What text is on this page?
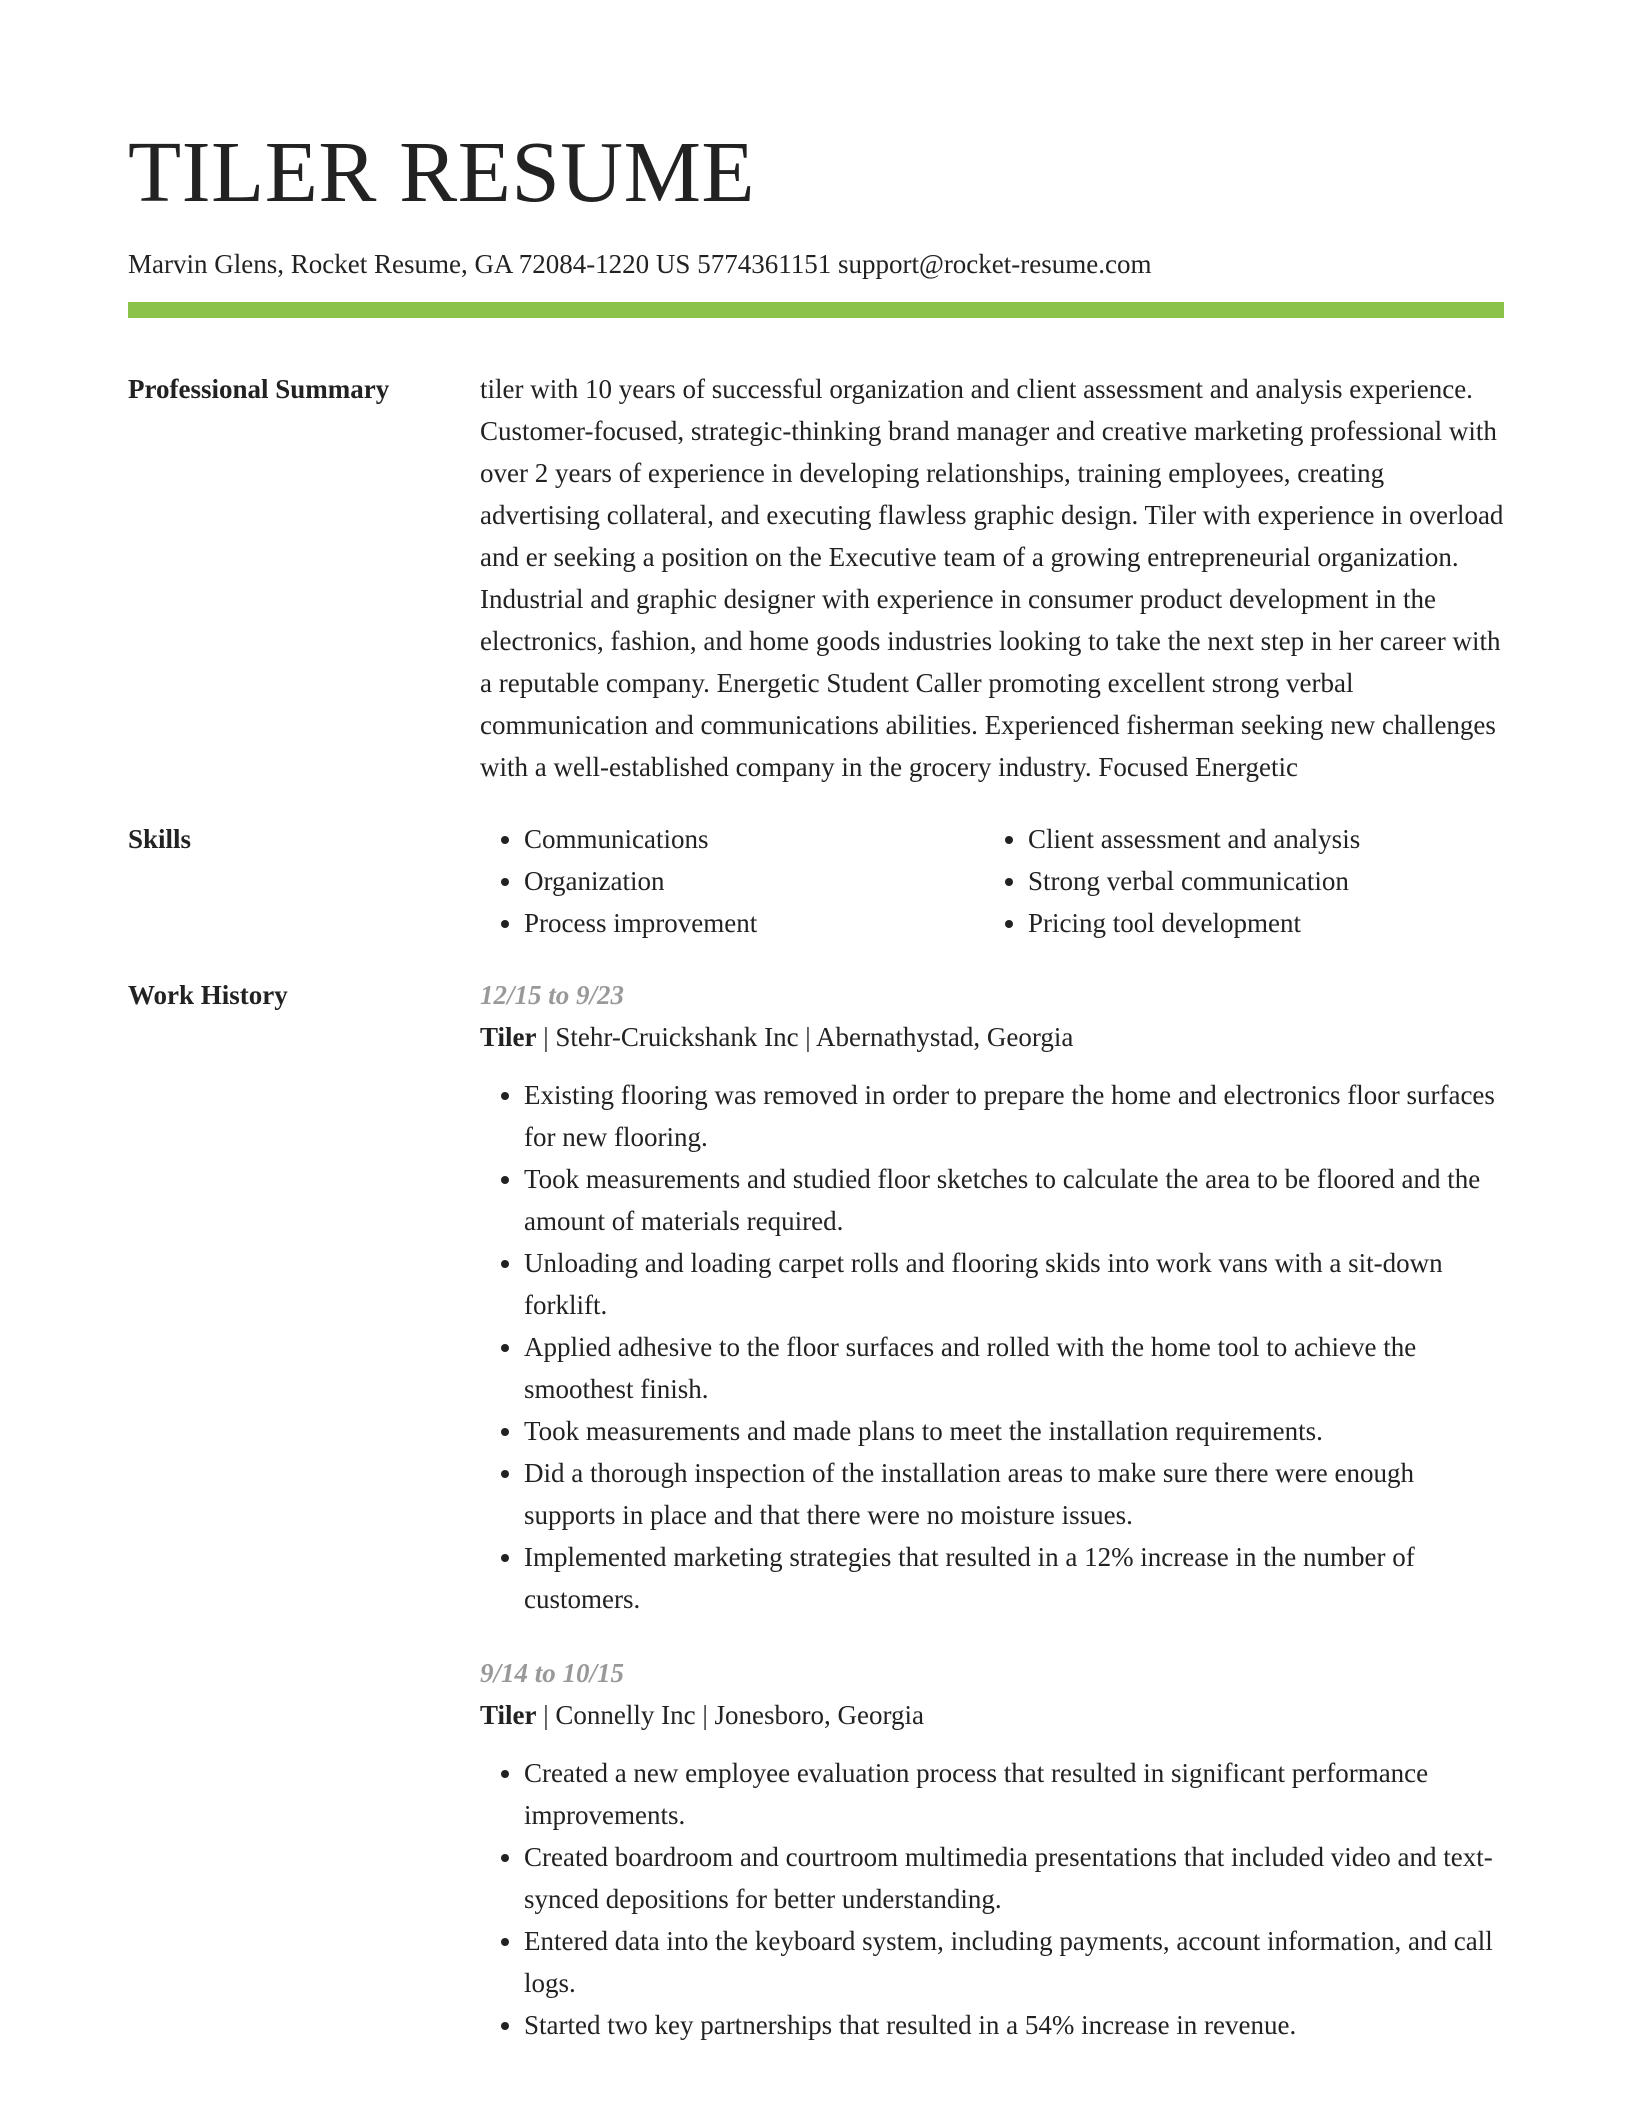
TILER RESUME
Marvin Glens, Rocket Resume, GA 72084-1220 US 5774361151 support@rocket-resume.com
Professional Summary	tiler with 10 years of successful organization and client assessment and analysis experience. Customer-focused, strategic-thinking brand manager and creative marketing professional with over 2 years of experience in developing relationships, training employees, creating advertising collateral, and executing flawless graphic design. Tiler with experience in overload and er seeking a position on the Executive team of a growing entrepreneurial organization. Industrial and graphic designer with experience in consumer product development in the electronics, fashion, and home goods industries looking to take the next step in her career with a reputable company. Energetic Student Caller promoting excellent strong verbal communication and communications abilities. Experienced fisherman seeking new challenges with a well-established company in the grocery industry. Focused Energetic

Skills
•	Communications
• Organization
• Process improvement
• Client assessment and analysis
• Strong verbal communication
• Pricing tool development
Work History	12/15 to 9/23
Tiler | Stehr-Cruickshank Inc | Abernathystad, Georgia
• Existing flooring was removed in order to prepare the home and electronics floor surfaces for new flooring.
• Took measurements and studied floor sketches to calculate the area to be floored and the amount of materials required.
• Unloading and loading carpet rolls and flooring skids into work vans with a sit-down forklift.
• Applied adhesive to the floor surfaces and rolled with the home tool to achieve the smoothest finish.
• Took measurements and made plans to meet the installation requirements.
• Did a thorough inspection of the installation areas to make sure there were enough supports in place and that there were no moisture issues.
• Implemented marketing strategies that resulted in a 12% increase in the number of customers.
9/14 to 10/15
Tiler | Connelly Inc | Jonesboro, Georgia
• Created a new employee evaluation process that resulted in significant performance improvements.
• Created boardroom and courtroom multimedia presentations that included video and text-synced depositions for better understanding.
• Entered data into the keyboard system, including payments, account information, and call logs.
• Started two key partnerships that resulted in a 54% increase in revenue.
